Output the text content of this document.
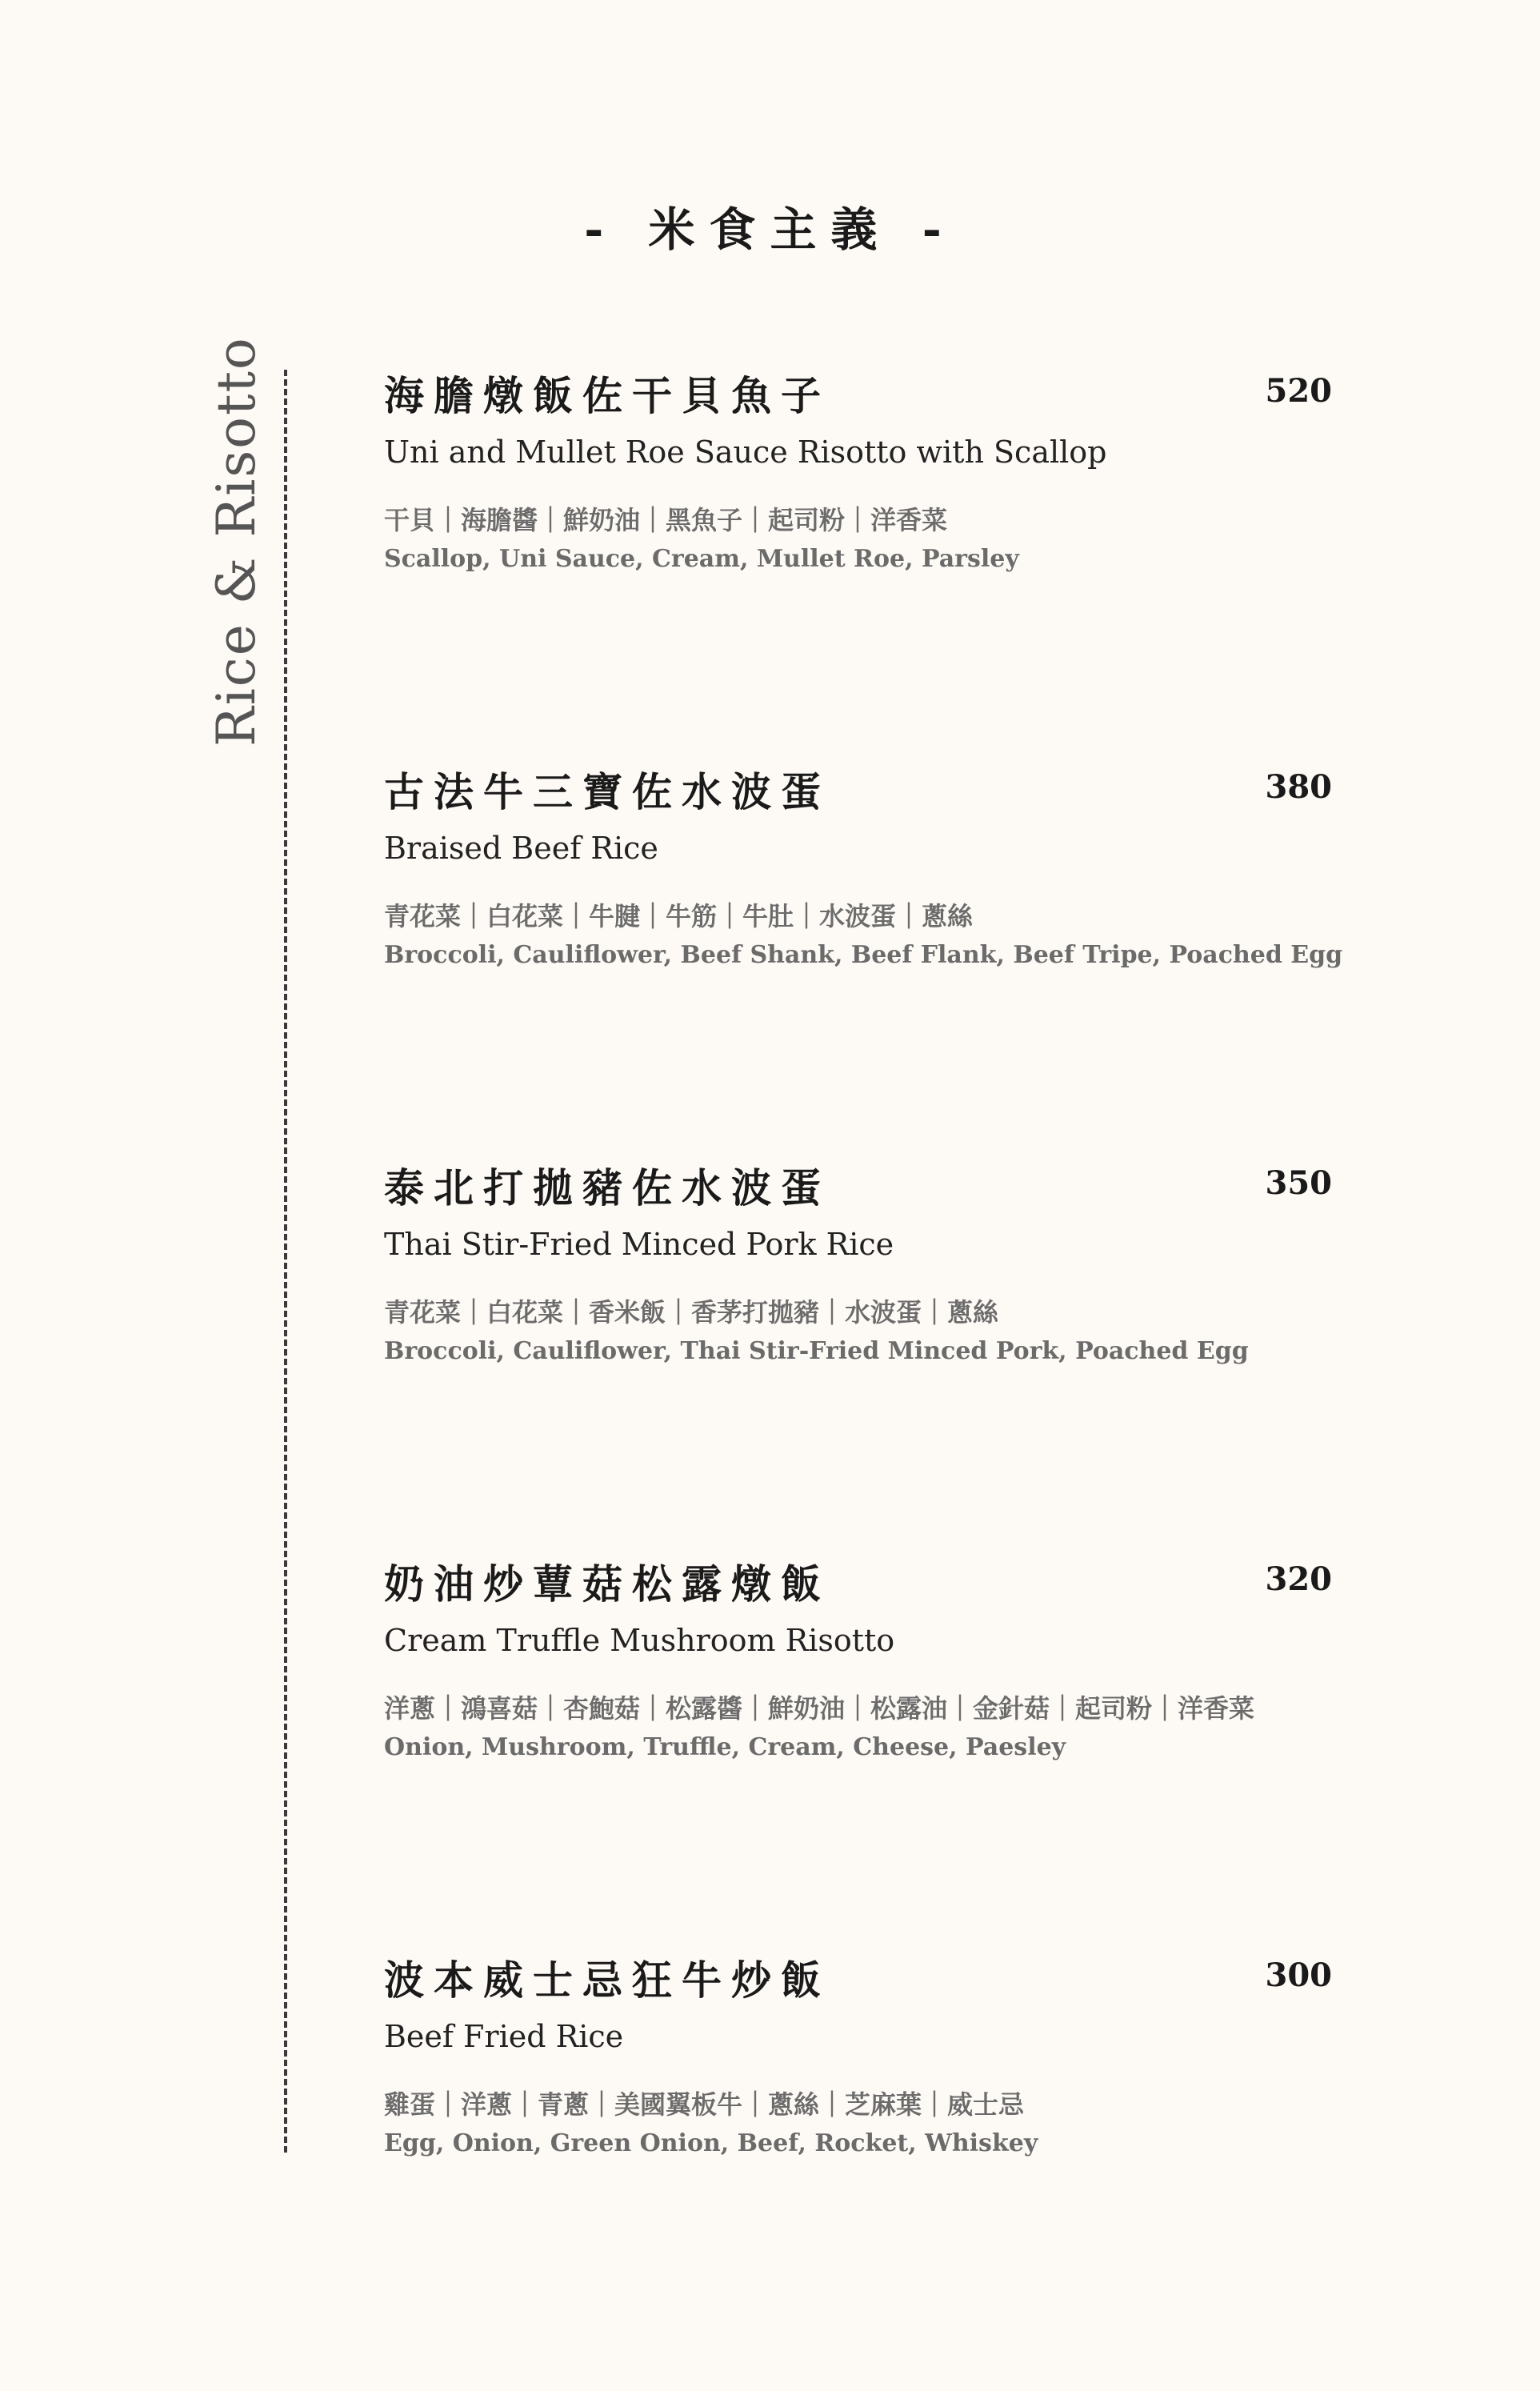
- 米食主義 -
Rice & Risotto	海膽燉飯佐干貝魚子	520
Uni and Mullet Roe Sauce Risotto with Scallop
干貝｜海膽醬｜鮮奶油｜黑魚子｜起司粉｜洋香菜
Scallop, Uni Sauce, Cream, Mullet Roe, Parsley
古法牛三寶佐水波蛋	380
Braised Beef Rice
青花菜｜白花菜｜牛腱｜牛筋｜牛肚｜水波蛋｜蔥絲
Broccoli, Cauliflower, Beef Shank, Beef Flank, Beef Tripe, Poached Egg
泰北打拋豬佐水波蛋	350
Thai Stir-Fried Minced Pork Rice
青花菜｜白花菜｜香米飯｜香茅打拋豬｜水波蛋｜蔥絲
Broccoli, Cauliflower, Thai Stir-Fried Minced Pork, Poached Egg
奶油炒蕈菇松露燉飯	320
Cream Truffle Mushroom Risotto
洋蔥｜鴻喜菇｜杏鮑菇｜松露醬｜鮮奶油｜松露油｜金針菇｜起司粉｜洋香菜
Onion, Mushroom, Truffle, Cream, Cheese, Paesley
波本威士忌狂牛炒飯	300
Beef Fried Rice
雞蛋｜洋蔥｜青蔥｜美國翼板牛｜蔥絲｜芝麻葉｜威士忌
Egg, Onion, Green Onion, Beef, Rocket, Whiskey
